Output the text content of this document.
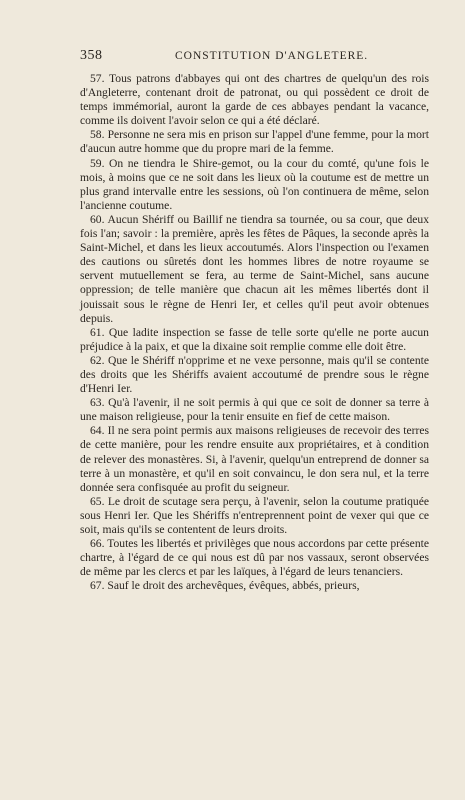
358	CONSTITUTION D'ANGLETERE.

57. Tous patrons d'abbayes qui ont des chartres de quelqu'un des rois d'Angleterre, contenant droit de patronat, ou qui possèdent ce droit de temps immémorial, auront la garde de ces abbayes pendant la vacance, comme ils doivent l'avoir selon ce qui a été déclaré.

58. Personne ne sera mis en prison sur l'appel d'une femme, pour la mort d'aucun autre homme que du propre mari de la femme.

59. On ne tiendra le Shire-gemot, ou la cour du comté, qu'une fois le mois, à moins que ce ne soit dans les lieux où la coutume est de mettre un plus grand intervalle entre les sessions, où l'on continuera de même, selon l'ancienne coutume.

60. Aucun Shériff ou Baillif ne tiendra sa tournée, ou sa cour, que deux fois l'an; savoir : la première, après les fêtes de Pâques, la seconde après la Saint-Michel, et dans les lieux accoutumés. Alors l'inspection ou l'examen des cautions ou sûretés dont les hommes libres de notre royaume se servent mutuellement se fera, au terme de Saint-Michel, sans aucune oppression; de telle manière que chacun ait les mêmes libertés dont il jouissait sous le règne de Henri Ier, et celles qu'il peut avoir obtenues depuis.

61. Que ladite inspection se fasse de telle sorte qu'elle ne porte aucun préjudice à la paix, et que la dixaine soit remplie comme elle doit être.

62. Que le Shériff n'opprime et ne vexe personne, mais qu'il se contente des droits que les Shériffs avaient accoutumé de prendre sous le règne d'Henri Ier.

63. Qu'à l'avenir, il ne soit permis à qui que ce soit de donner sa terre à une maison religieuse, pour la tenir ensuite en fief de cette maison.

64. Il ne sera point permis aux maisons religieuses de recevoir des terres de cette manière, pour les rendre ensuite aux propriétaires, et à condition de relever des monastères. Si, à l'avenir, quelqu'un entreprend de donner sa terre à un monastère, et qu'il en soit convaincu, le don sera nul, et la terre donnée sera confisquée au profit du seigneur.

65. Le droit de scutage sera perçu, à l'avenir, selon la coutume pratiquée sous Henri Ier. Que les Shériffs n'entreprennent point de vexer qui que ce soit, mais qu'ils se contentent de leurs droits.

66. Toutes les libertés et privilèges que nous accordons par cette présente chartre, à l'égard de ce qui nous est dû par nos vassaux, seront observées de même par les clercs et par les laïques, à l'égard de leurs tenanciers.

67. Sauf le droit des archevêques, évêques, abbés, prieurs,
